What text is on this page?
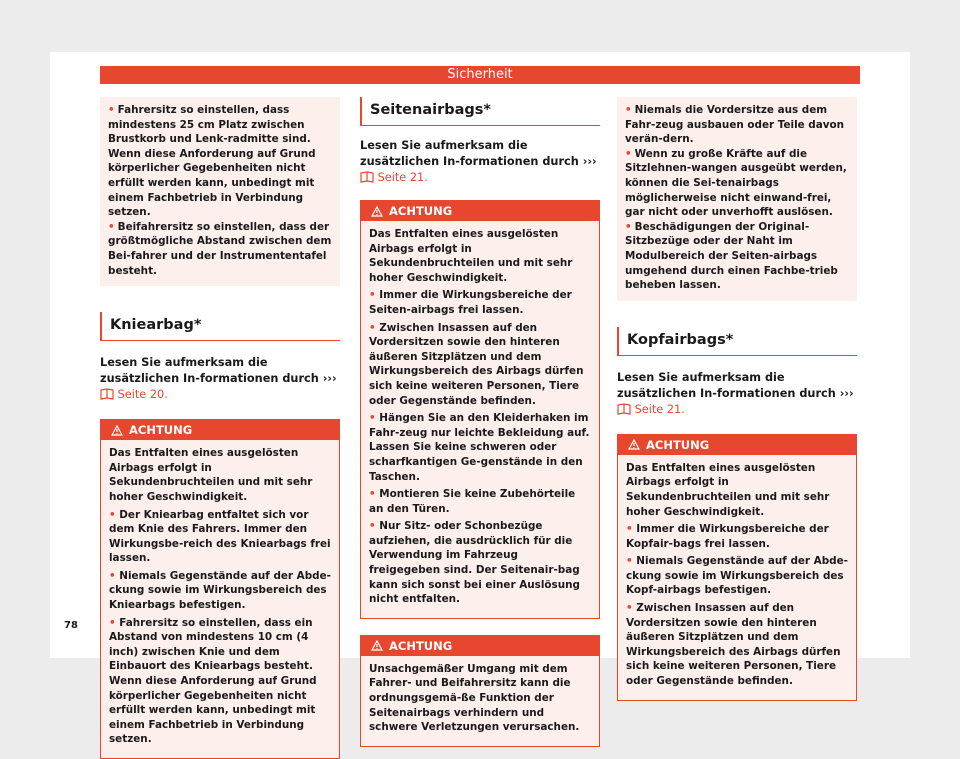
Sicherheit

• Fahrersitz so einstellen, dass mindestens 25 cm Platz zwischen Brustkorb und Lenk-radmitte sind. Wenn diese Anforderung auf Grund körperlicher Gegebenheiten nicht erfüllt werden kann, unbedingt mit einem Fachbetrieb in Verbindung setzen.

• Beifahrersitz so einstellen, dass der größtmögliche Abstand zwischen dem Bei-fahrer und der Instrumententafel besteht.

Kniearbag*

Lesen Sie aufmerksam die zusätzlichen In-formationen durch ›››  Seite 20.

ACHTUNG

Das Entfalten eines ausgelösten Airbags erfolgt in Sekundenbruchteilen und mit sehr hoher Geschwindigkeit.

• Der Kniearbag entfaltet sich vor dem Knie des Fahrers. Immer den Wirkungsbe-reich des Kniearbags frei lassen.

• Niemals Gegenstände auf der Abde-ckung sowie im Wirkungsbereich des Kniearbags befestigen.

• Fahrersitz so einstellen, dass ein Abstand von mindestens 10 cm (4 inch) zwischen Knie und dem Einbauort des Kniearbags besteht. Wenn diese Anforderung auf Grund körperlicher Gegebenheiten nicht erfüllt werden kann, unbedingt mit einem Fachbetrieb in Verbindung setzen.

Seitenairbags*

Lesen Sie aufmerksam die zusätzlichen In-formationen durch ›››  Seite 21.

ACHTUNG

Das Entfalten eines ausgelösten Airbags erfolgt in Sekundenbruchteilen und mit sehr hoher Geschwindigkeit.

• Immer die Wirkungsbereiche der Seiten-airbags frei lassen.

• Zwischen Insassen auf den Vordersitzen sowie den hinteren äußeren Sitzplätzen und dem Wirkungsbereich des Airbags dürfen sich keine weiteren Personen, Tiere oder Gegenstände befinden.

• Hängen Sie an den Kleiderhaken im Fahr-zeug nur leichte Bekleidung auf. Lassen Sie keine schweren oder scharfkantigen Ge-genstände in den Taschen.

• Montieren Sie keine Zubehörteile an den Türen.

• Nur Sitz- oder Schonbezüge aufziehen, die ausdrücklich für die Verwendung im Fahrzeug freigegeben sind. Der Seitenair-bag kann sich sonst bei einer Auslösung nicht entfalten.

ACHTUNG

Unsachgemäßer Umgang mit dem Fahrer- und Beifahrersitz kann die ordnungsgemä-ße Funktion der Seitenairbags verhindern und schwere Verletzungen verursachen.

• Niemals die Vordersitze aus dem Fahr-zeug ausbauen oder Teile davon verän-dern.

• Wenn zu große Kräfte auf die Sitzlehnen-wangen ausgeübt werden, können die Sei-tenairbags möglicherweise nicht einwand-frei, gar nicht oder unverhofft auslösen.

• Beschädigungen der Original-Sitzbezüge oder der Naht im Modulbereich der Seiten-airbags umgehend durch einen Fachbe-trieb beheben lassen.

Kopfairbags*

Lesen Sie aufmerksam die zusätzlichen In-formationen durch ›››  Seite 21.

ACHTUNG

Das Entfalten eines ausgelösten Airbags erfolgt in Sekundenbruchteilen und mit sehr hoher Geschwindigkeit.

• Immer die Wirkungsbereiche der Kopfair-bags frei lassen.

• Niemals Gegenstände auf der Abde-ckung sowie im Wirkungsbereich des Kopf-airbags befestigen.

• Zwischen Insassen auf den Vordersitzen sowie den hinteren äußeren Sitzplätzen und dem Wirkungsbereich des Airbags dürfen sich keine weiteren Personen, Tiere oder Gegenstände befinden.

78
